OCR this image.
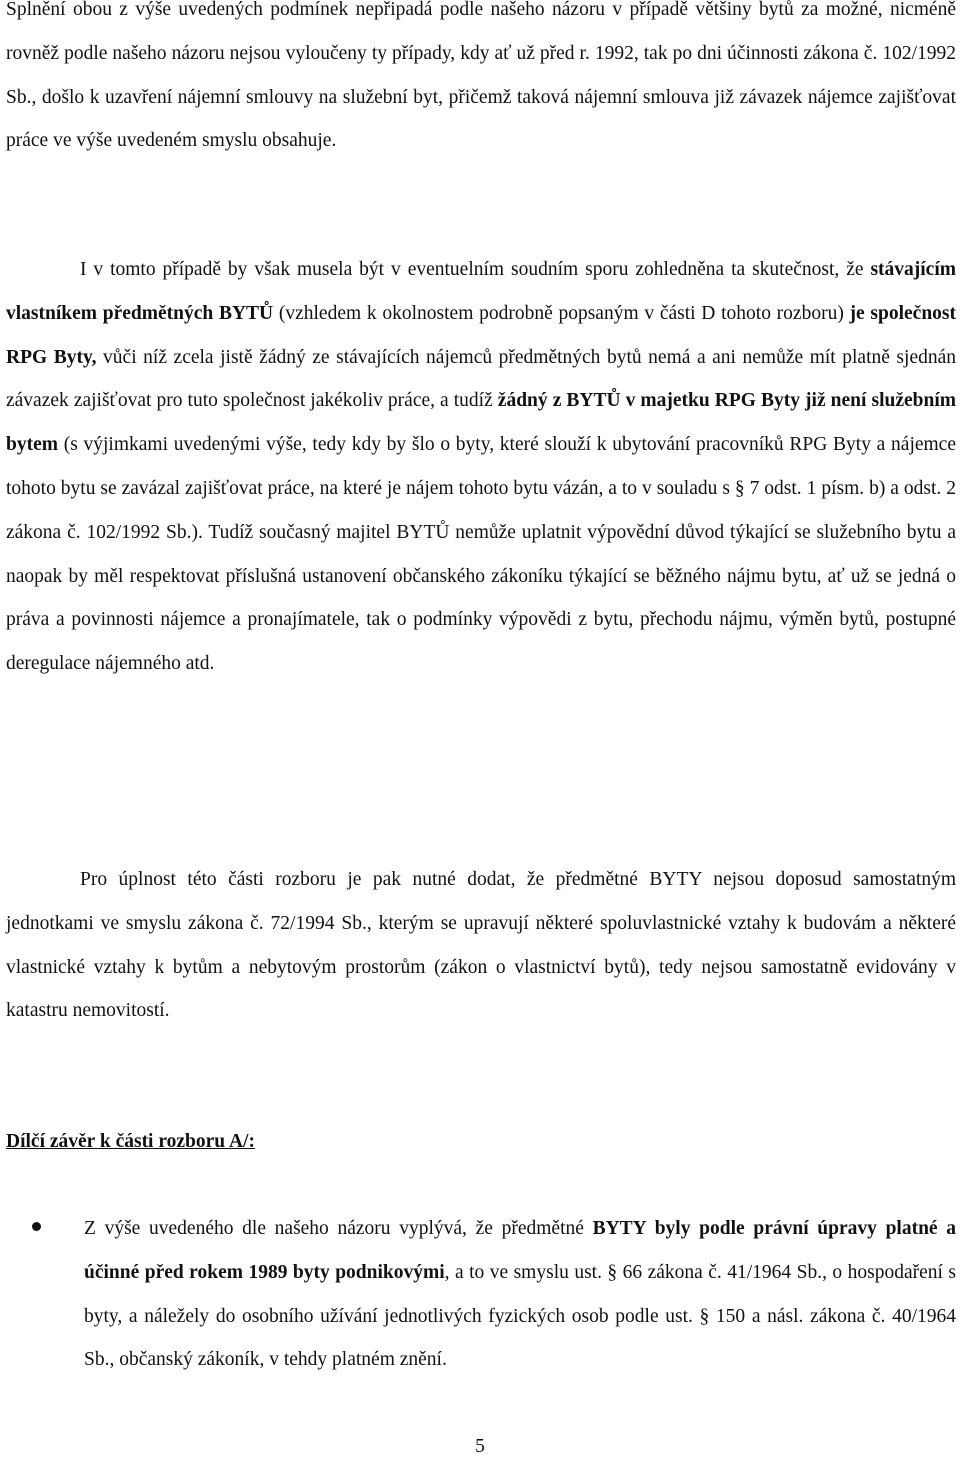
Splnění obou z výše uvedených podmínek nepřipadá podle našeho názoru v případě většiny bytů za možné, nicméně rovněž podle našeho názoru nejsou vyloučeny ty případy, kdy ať už před r. 1992, tak po dni účinnosti zákona č. 102/1992 Sb., došlo k uzavření nájemní smlouvy na služební byt, přičemž taková nájemní smlouva již závazek nájemce zajišťovat práce ve výše uvedeném smyslu obsahuje.

I v tomto případě by však musela být v eventuelním soudním sporu zohledněna ta skutečnost, že stávajícím vlastníkem předmětných BYTŮ (vzhledem k okolnostem podrobně popsaným v části D tohoto rozboru) je společnost RPG Byty, vůči níž zcela jistě žádný ze stávajících nájemců předmětných bytů nemá a ani nemůže mít platně sjednán závazek zajišťovat pro tuto společnost jakékoliv práce, a tudíž žádný z BYTŮ v majetku RPG Byty již není služebním bytem (s výjimkami uvedenými výše, tedy kdy by šlo o byty, které slouží k ubytování pracovníků RPG Byty a nájemce tohoto bytu se zavázal zajišťovat práce, na které je nájem tohoto bytu vázán, a to v souladu s § 7 odst. 1 písm. b) a odst. 2 zákona č. 102/1992 Sb.). Tudíž současný majitel BYTŮ nemůže uplatnit výpovědní důvod týkající se služebního bytu a naopak by měl respektovat příslušná ustanovení občanského zákoníku týkající se běžného nájmu bytu, ať už se jedná o práva a povinnosti nájemce a pronajímatele, tak o podmínky výpovědi z bytu, přechodu nájmu, výměn bytů, postupné deregulace nájemného atd.

Pro úplnost této části rozboru je pak nutné dodat, že předmětné BYTY nejsou doposud samostatným jednotkami ve smyslu zákona č. 72/1994 Sb., kterým se upravují některé spoluvlastnické vztahy k budovám a některé vlastnické vztahy k bytům a nebytovým prostorům (zákon o vlastnictví bytů), tedy nejsou samostatně evidovány v katastru nemovitostí.

Dílčí závěr k části rozboru A/:

Z výše uvedeného dle našeho názoru vyplývá, že předmětné BYTY byly podle právní úpravy platné a účinné před rokem 1989 byty podnikovými, a to ve smyslu ust. § 66 zákona č. 41/1964 Sb., o hospodaření s byty, a náležely do osobního užívání jednotlivých fyzických osob podle ust. § 150 a násl. zákona č. 40/1964 Sb., občanský zákoník, v tehdy platném znění.

5
